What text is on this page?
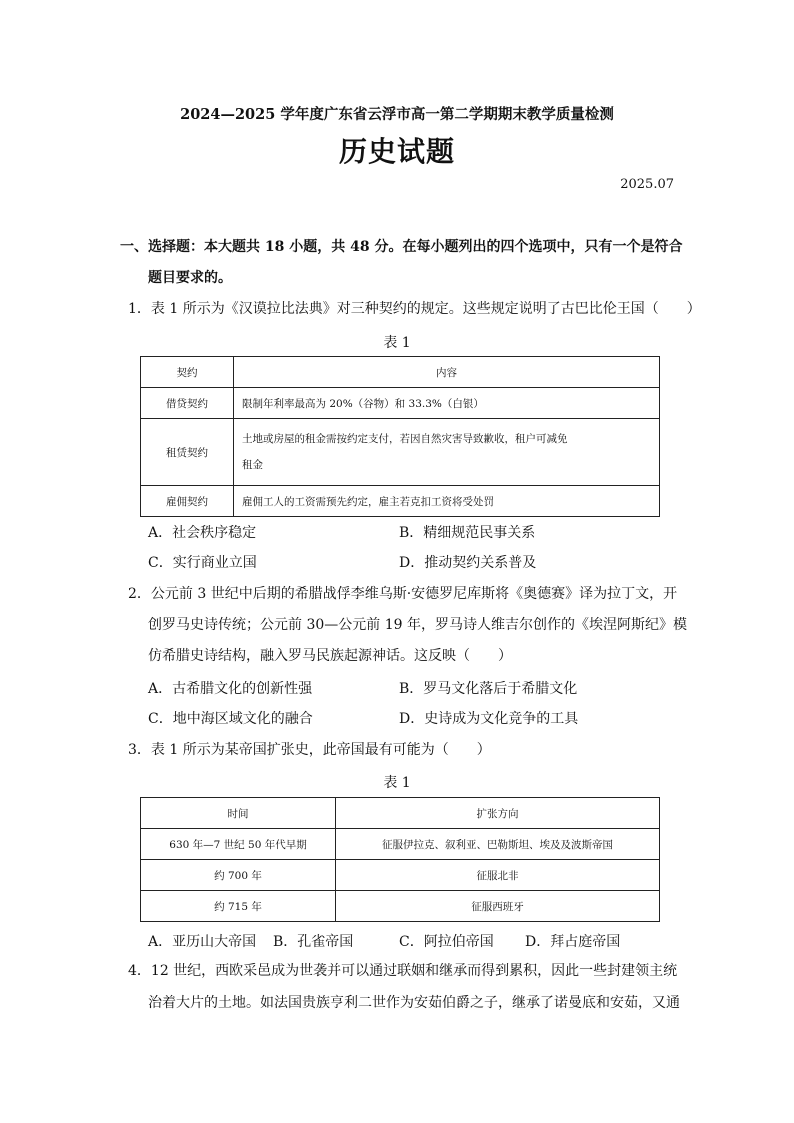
2024—2025 学年度广东省云浮市高一第二学期期末教学质量检测
历史试题
2025.07
一、选择题：本大题共 18 小题，共 48 分。在每小题列出的四个选项中，只有一个是符合
题目要求的。
1．表 1 所示为《汉谟拉比法典》对三种契约的规定。这些规定说明了古巴比伦王国（　　）
表 1
契约	内容
借贷契约	限制年利率最高为 20%（谷物）和 33.3%（白银）
租赁契约	土地或房屋的租金需按约定支付，若因自然灾害导致歉收，租户可减免
租金
雇佣契约	雇佣工人的工资需预先约定，雇主若克扣工资将受处罚
A．社会秩序稳定	B．精细规范民事关系
C．实行商业立国	D．推动契约关系普及
2．公元前 3 世纪中后期的希腊战俘李维乌斯·安德罗尼库斯将《奥德赛》译为拉丁文，开
创罗马史诗传统；公元前 30—公元前 19 年，罗马诗人维吉尔创作的《埃涅阿斯纪》模
仿希腊史诗结构，融入罗马民族起源神话。这反映（　　）
A．古希腊文化的创新性强	B．罗马文化落后于希腊文化
C．地中海区域文化的融合	D．史诗成为文化竞争的工具
3．表 1 所示为某帝国扩张史，此帝国最有可能为（　　）
表 1
时间	扩张方向
630 年—7 世纪 50 年代早期	征服伊拉克、叙利亚、巴勒斯坦、埃及及波斯帝国
约 700 年	征服北非
约 715 年	征服西班牙
A．亚历山大帝国 B．孔雀帝国	C．阿拉伯帝国 D．拜占庭帝国
4．12 世纪，西欧采邑成为世袭并可以通过联姻和继承而得到累积，因此一些封建领主统
治着大片的土地。如法国贵族亨利二世作为安茹伯爵之子，继承了诺曼底和安茹，又通
